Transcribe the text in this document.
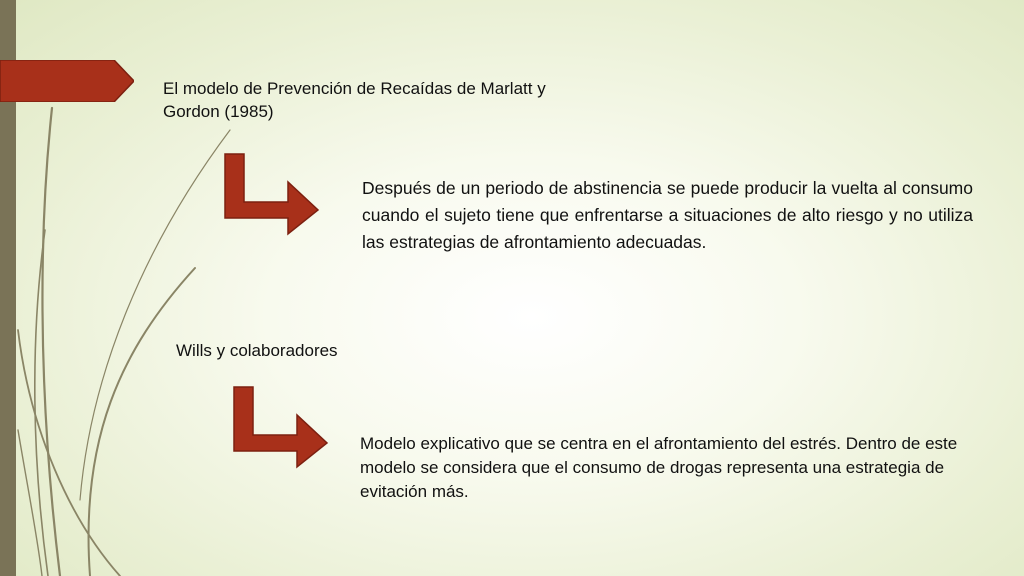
El modelo de Prevención de Recaídas de Marlatt y Gordon (1985)

Después de un periodo de abstinencia se puede producir la vuelta al consumo cuando el sujeto tiene que enfrentarse a situaciones de alto riesgo y no utiliza las estrategias de afrontamiento adecuadas.

Wills y colaboradores

Modelo explicativo que se centra en el afrontamiento del estrés. Dentro de este modelo se considera que el consumo de drogas representa una estrategia de evitación más.
